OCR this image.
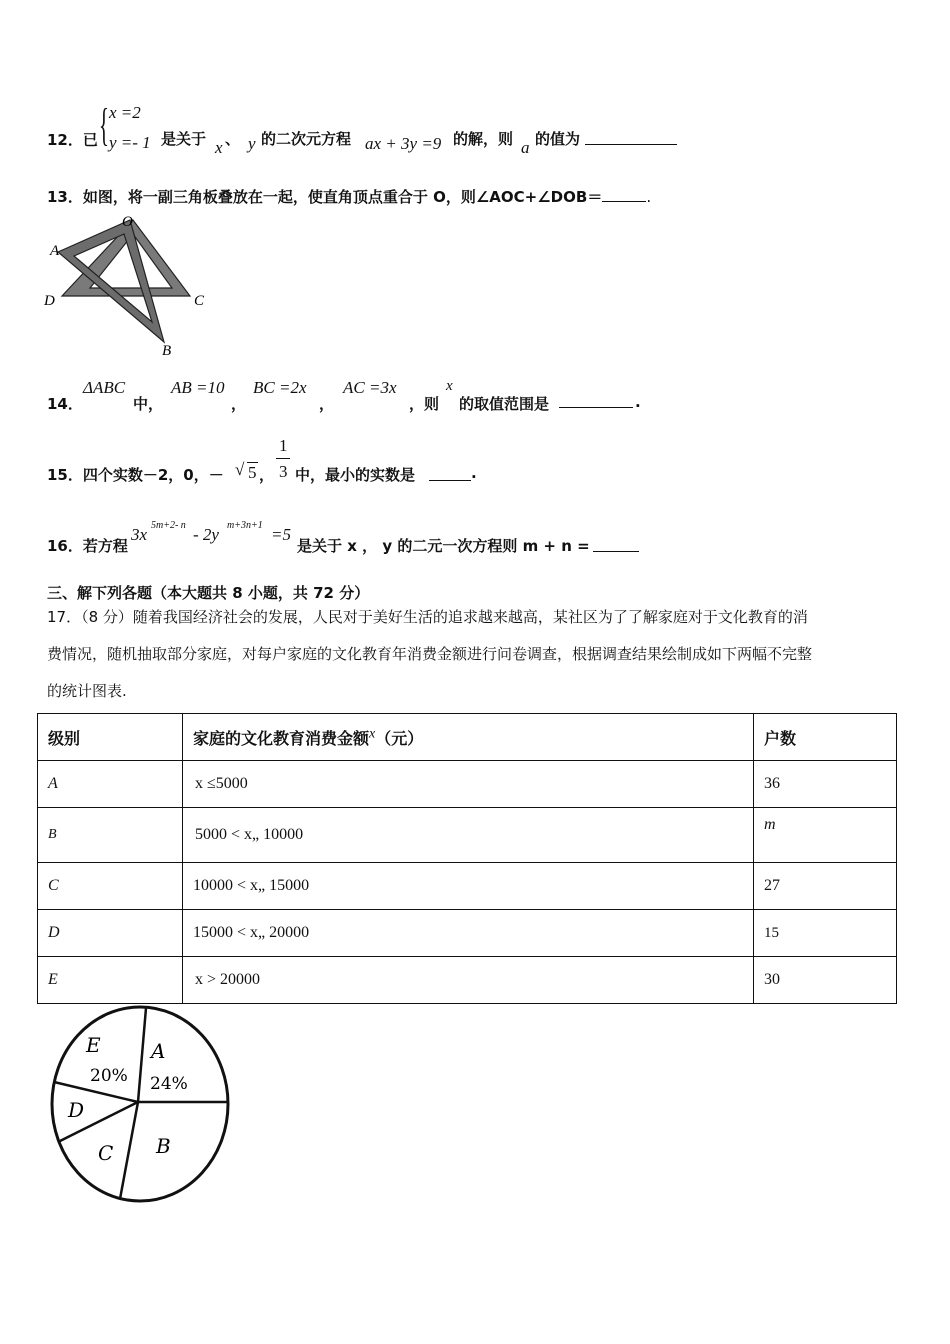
12．已 { x =2
y =- 1 是关于 x 、 y 的二次元方程 ax + 3y =9 的解，则 a 的值为
13．如图，将一副三角板叠放在一起，使直角顶点重合于 O，则∠AOC+∠DOB＝	.
O
A
D	C
B
14．
ΔABC
中，
AB =10
，
BC =2x
，
AC =3x
，则
x
的取值范围是	.
15．四个实数－2，0，－ √ 5 ，
1
3 中，最小的实数是	.
16．若方程
3x 5m+2- n - 2y m+3n+1 =5
是关于 x ， y 的二元一次方程则 m + n =
三、解下列各题（本大题共 8 小题，共 72 分）
17．（8 分）随着我国经济社会的发展，人民对于美好生活的追求越来越高，某社区为了了解家庭对于文化教育的消
费情况，随机抽取部分家庭，对每户家庭的文化教育年消费金额进行问卷调查，根据调查结果绘制成如下两幅不完整
的统计图表.
级别	家庭的文化教育消费金额$^x$（元）	户数
A	x ≤5000	36
B	5000 < x„ 10000	m
C	10000 < x„ 15000	27
D	15000 < x„ 20000	15
E	x > 20000	30
E
20%
A
24%
D
C B
